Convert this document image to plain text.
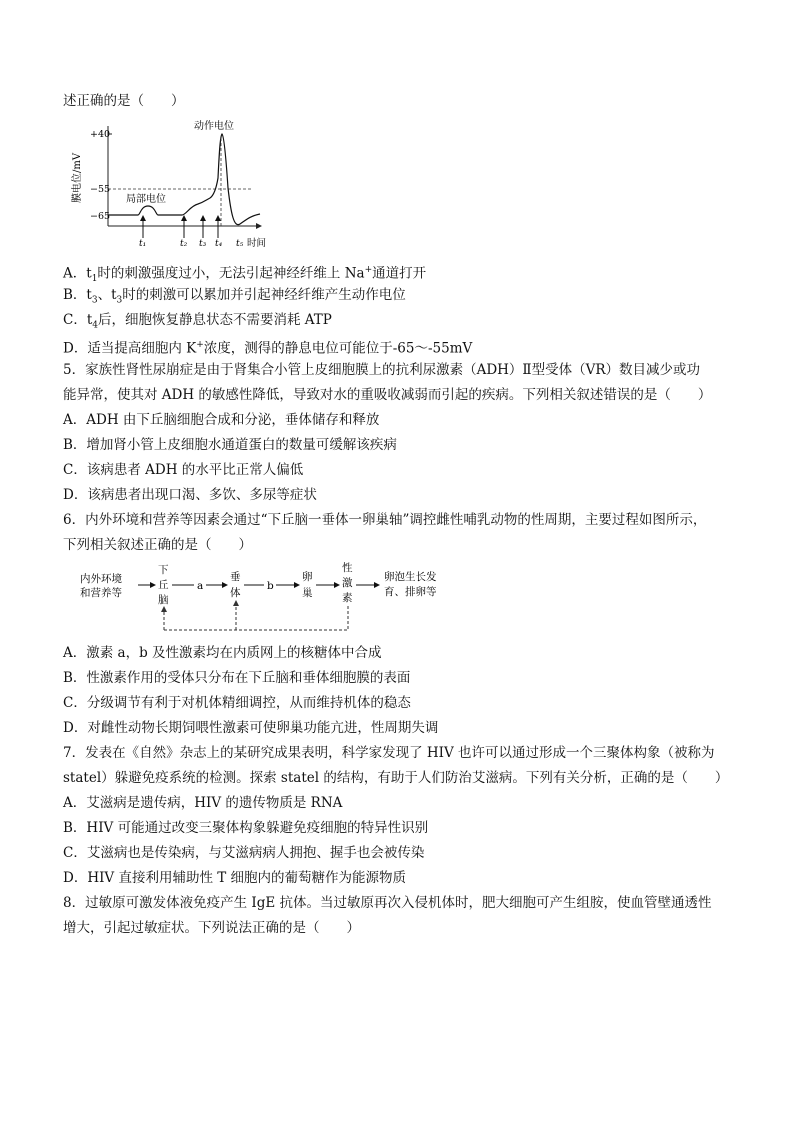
述正确的是（　　）
膜电位/mV
+40
−55
−65
t₁	t₂ t₃ t₄ t₅ 时间
动作电位
局部电位
A．$t_1$时的刺激强度过小，无法引起神经纤维上 Na+通道打开
B．$t_3$、$t_3$时的刺激可以累加并引起神经纤维产生动作电位
C．$t_4$后，细胞恢复静息状态不需要消耗 ATP
D．适当提高细胞内 K+浓度，测得的静息电位可能位于-65～-55mV
5．家族性肾性尿崩症是由于肾集合小管上皮细胞膜上的抗利尿激素（ADH）Ⅱ型受体（VR）数目减少或功
能异常，使其对 ADH 的敏感性降低，导致对水的重吸收减弱而引起的疾病。下列相关叙述错误的是（　　）
A．ADH 由下丘脑细胞合成和分泌，垂体储存和释放
B．增加肾小管上皮细胞水通道蛋白的数量可缓解该疾病
C．该病患者 ADH 的水平比正常人偏低
D．该病患者出现口渴、多饮、多尿等症状
6．内外环境和营养等因素会通过“下丘脑一垂体一卵巢轴”调控雌性哺乳动物的性周期，主要过程如图所示，
下列相关叙述正确的是（　　）
内外环境
和营养等
下
丘
脑
a
垂
体
b
卵
巢
性
激
素
卵泡生长发
育、排卵等
A．激素 a，b 及性激素均在内质网上的核糖体中合成
B．性激素作用的受体只分布在下丘脑和垂体细胞膜的表面
C．分级调节有利于对机体精细调控，从而维持机体的稳态
D．对雌性动物长期饲喂性激素可使卵巢功能亢进，性周期失调
7．发表在《自然》杂志上的某研究成果表明，科学家发现了 HIV 也许可以通过形成一个三聚体构象（被称为
statel）躲避免疫系统的检测。探索 statel 的结构，有助于人们防治艾滋病。下列有关分析，正确的是（　　）
A．艾滋病是遗传病，HIV 的遗传物质是 RNA
B．HIV 可能通过改变三聚体构象躲避免疫细胞的特异性识别
C．艾滋病也是传染病，与艾滋病病人拥抱、握手也会被传染
D．HIV 直接利用辅助性 T 细胞内的葡萄糖作为能源物质
8．过敏原可激发体液免疫产生 IgE 抗体。当过敏原再次入侵机体时，肥大细胞可产生组胺，使血管壁通透性
增大，引起过敏症状。下列说法正确的是（　　）
